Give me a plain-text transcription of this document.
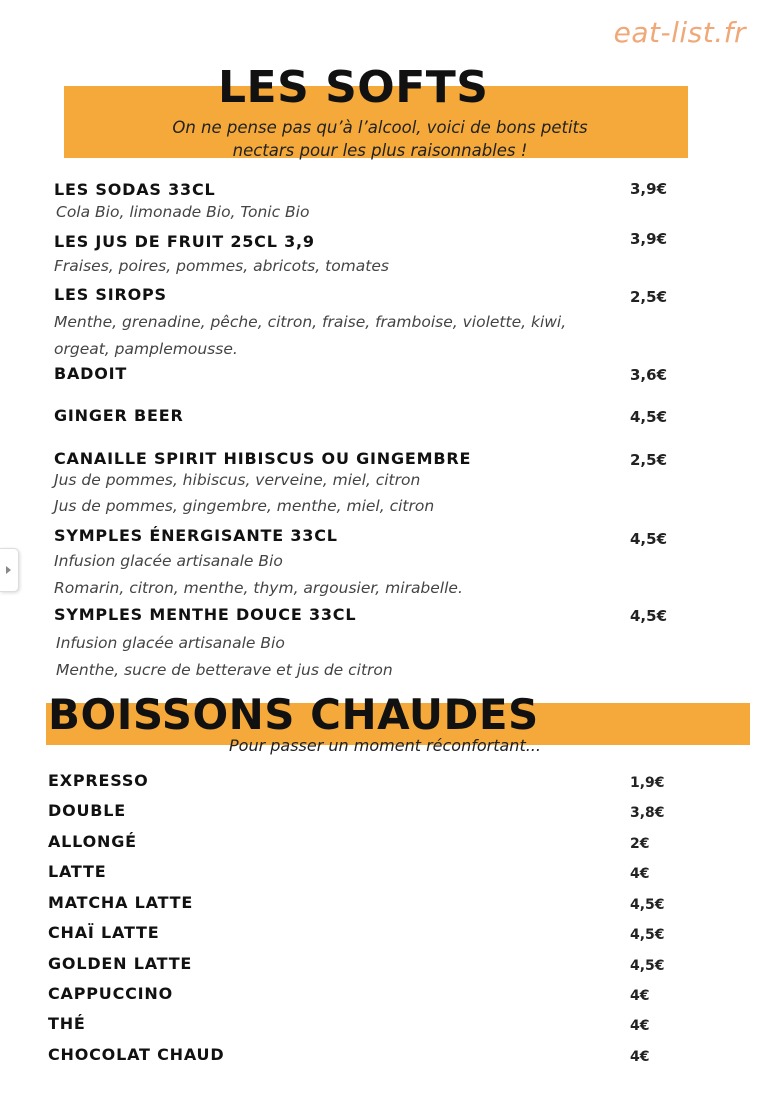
eat-list.fr
LES SOFTS
On ne pense pas qu’à l’alcool, voici de bons petits
nectars pour les plus raisonnables !
LES SODAS 33CL	3,9€
Cola Bio, limonade Bio, Tonic Bio
LES JUS DE FRUIT 25CL 3,9	3,9€
Fraises, poires, pommes, abricots, tomates
LES SIROPS	2,5€
Menthe, grenadine, pêche, citron, fraise, framboise, violette, kiwi,
orgeat, pamplemousse.
BADOIT	3,6€
GINGER BEER	4,5€
CANAILLE SPIRIT HIBISCUS OU GINGEMBRE	2,5€
Jus de pommes, hibiscus, verveine, miel, citron
Jus de pommes, gingembre, menthe, miel, citron
SYMPLES ÉNERGISANTE 33CL	4,5€
Infusion glacée artisanale Bio
Romarin, citron, menthe, thym, argousier, mirabelle.
SYMPLES MENTHE DOUCE 33CL	4,5€
Infusion glacée artisanale Bio
Menthe, sucre de betterave et jus de citron
BOISSONS CHAUDES
Pour passer un moment réconfortant...
EXPRESSO	1,9€
DOUBLE	3,8€
ALLONGÉ	2€
LATTE	4€
MATCHA LATTE	4,5€
CHAÏ LATTE	4,5€
GOLDEN LATTE	4,5€
CAPPUCCINO	4€
THÉ	4€
CHOCOLAT CHAUD	4€
